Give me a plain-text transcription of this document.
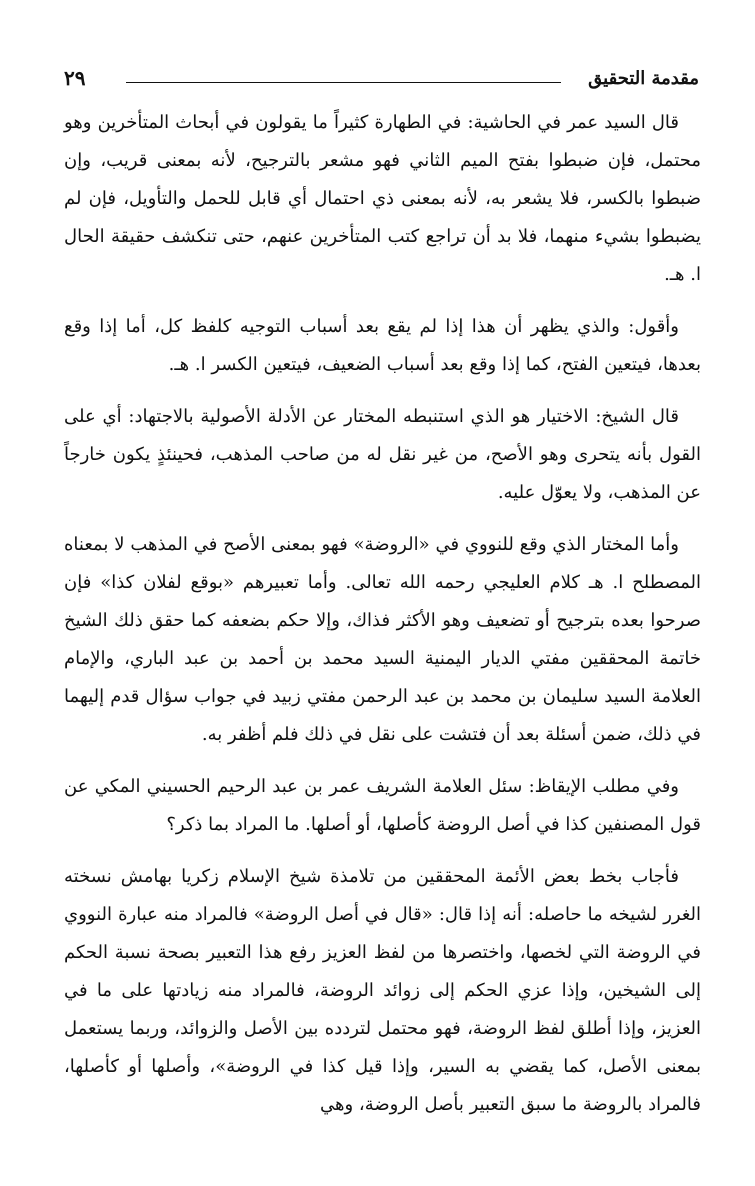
مقدمة التحقيق
٢٩

قال السيد عمر في الحاشية: في الطهارة كثيراً ما يقولون في أبحاث المتأخرين وهو محتمل، فإن ضبطوا بفتح الميم الثاني فهو مشعر بالترجيح، لأنه بمعنى قريب، وإن ضبطوا بالكسر، فلا يشعر به، لأنه بمعنى ذي احتمال أي قابل للحمل والتأويل، فإن لم يضبطوا بشيء منهما، فلا بد أن تراجع كتب المتأخرين عنهم، حتى تنكشف حقيقة الحال ا. هـ.

وأقول: والذي يظهر أن هذا إذا لم يقع بعد أسباب التوجيه كلفظ كل، أما إذا وقع بعدها، فيتعين الفتح، كما إذا وقع بعد أسباب الضعيف، فيتعين الكسر ا. هـ.

قال الشيخ: الاختيار هو الذي استنبطه المختار عن الأدلة الأصولية بالاجتهاد: أي على القول بأنه يتحرى وهو الأصح، من غير نقل له من صاحب المذهب، فحينئذٍ يكون خارجاً عن المذهب، ولا يعوّل عليه.

وأما المختار الذي وقع للنووي في «الروضة» فهو بمعنى الأصح في المذهب لا بمعناه المصطلح ا. هـ كلام العليجي رحمه الله تعالى. وأما تعبيرهم «بوقع لفلان كذا» فإن صرحوا بعده بترجيح أو تضعيف وهو الأكثر فذاك، وإلا حكم بضعفه كما حقق ذلك الشيخ خاتمة المحققين مفتي الديار اليمنية السيد محمد بن أحمد بن عبد الباري، والإمام العلامة السيد سليمان بن محمد بن عبد الرحمن مفتي زبيد في جواب سؤال قدم إليهما في ذلك، ضمن أسئلة بعد أن فتشت على نقل في ذلك فلم أظفر به.

وفي مطلب الإيقاظ: سئل العلامة الشريف عمر بن عبد الرحيم الحسيني المكي عن قول المصنفين كذا في أصل الروضة كأصلها، أو أصلها. ما المراد بما ذكر؟

فأجاب بخط بعض الأئمة المحققين من تلامذة شيخ الإسلام زكريا بهامش نسخته الغرر لشيخه ما حاصله: أنه إذا قال: «قال في أصل الروضة» فالمراد منه عبارة النووي في الروضة التي لخصها، واختصرها من لفظ العزيز رفع هذا التعبير بصحة نسبة الحكم إلى الشيخين، وإذا عزي الحكم إلى زوائد الروضة، فالمراد منه زيادتها على ما في العزيز، وإذا أطلق لفظ الروضة، فهو محتمل لتردده بين الأصل والزوائد، وربما يستعمل بمعنى الأصل، كما يقضي به السير، وإذا قيل كذا في الروضة»، وأصلها أو كأصلها، فالمراد بالروضة ما سبق التعبير بأصل الروضة، وهي
